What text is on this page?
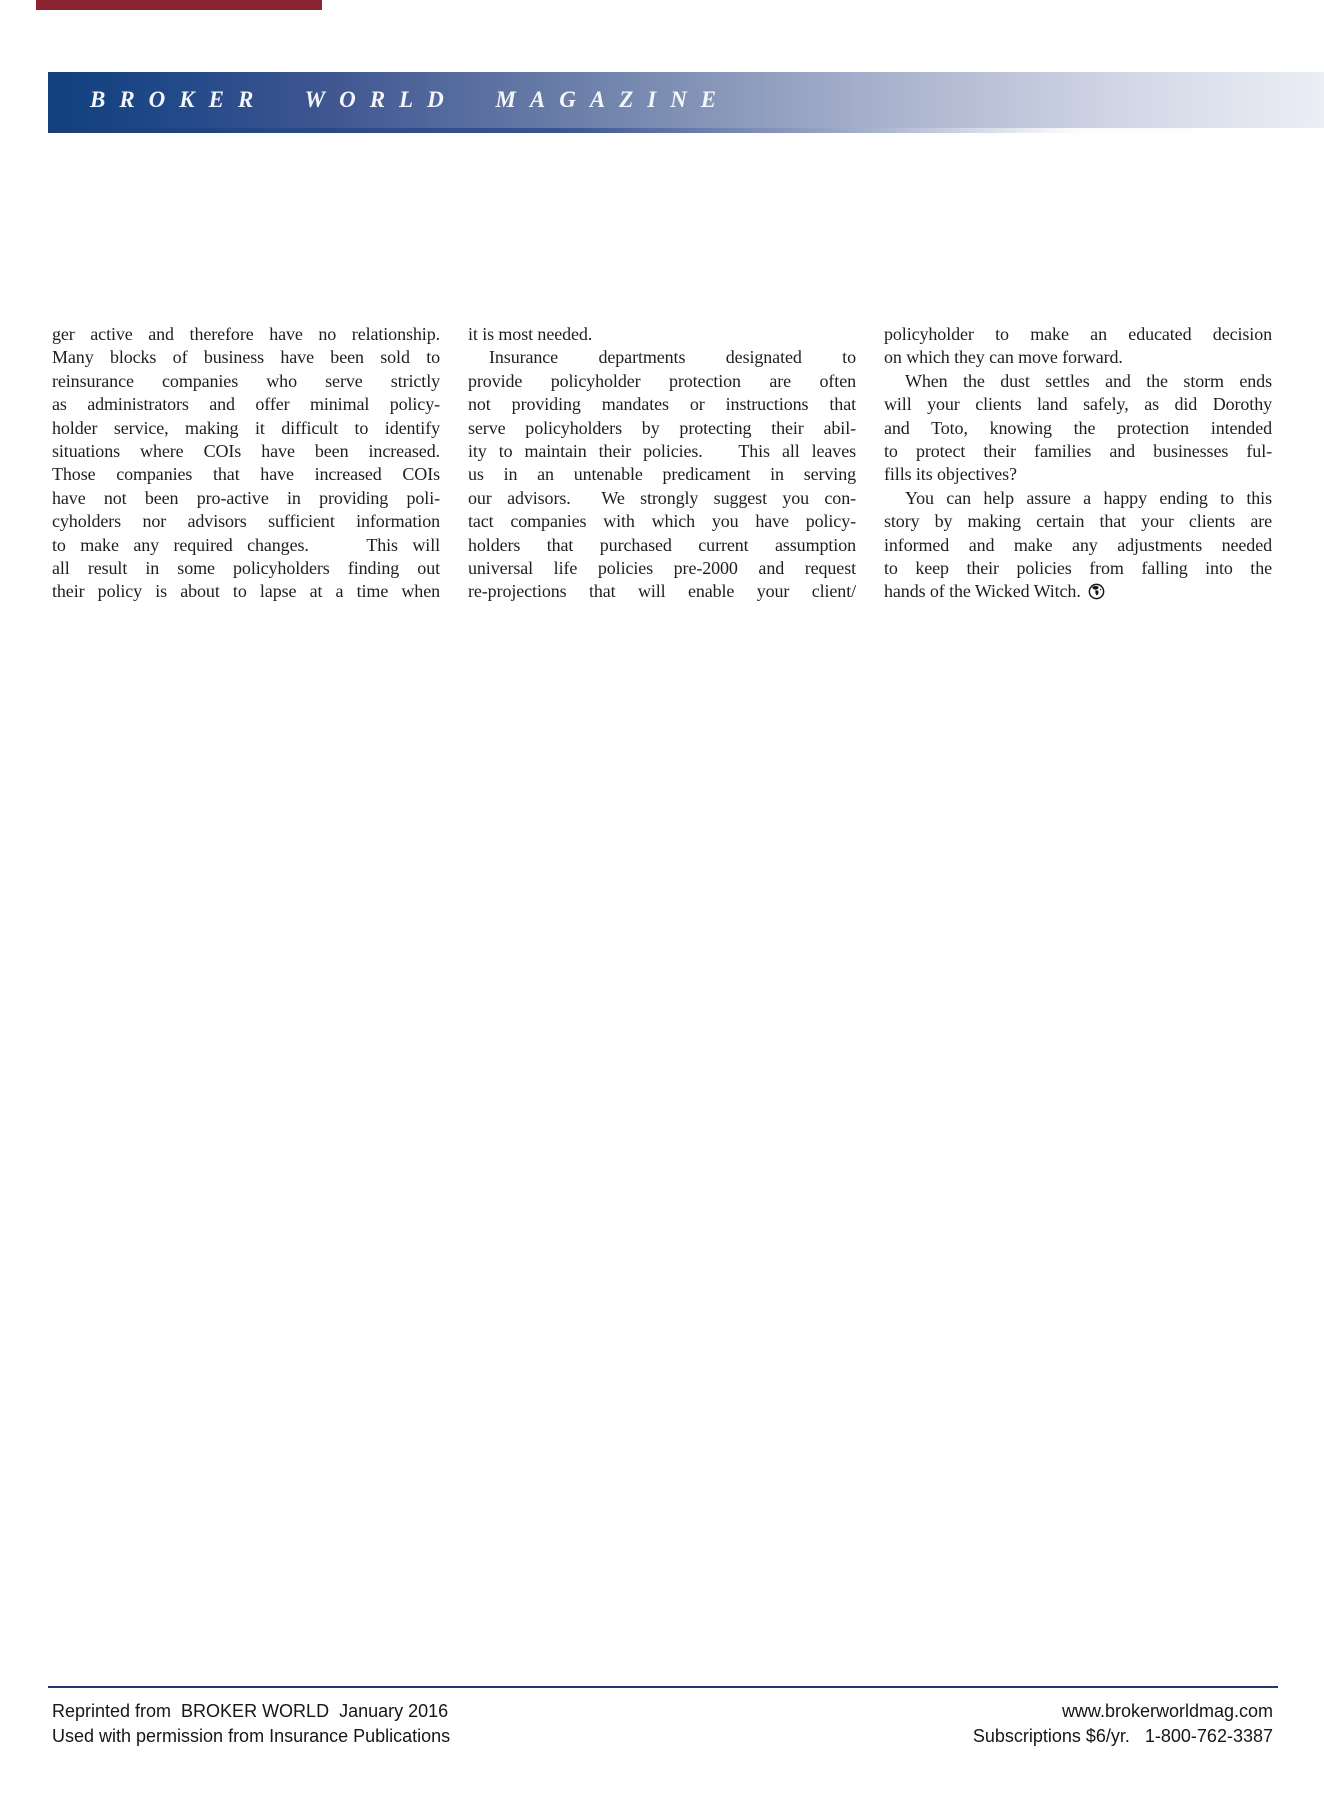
BROKER WORLD MAGAZINE
ger active and therefore have no relationship.
Many blocks of business have been sold to
reinsurance companies who serve strictly
as administrators and offer minimal policy-
holder service, making it difficult to identify
situations where COIs have been increased.
Those companies that have increased COIs
have not been pro-active in providing poli-
cyholders nor advisors sufficient information
to make any required changes.    This will
all result in some policyholders finding out
their policy is about to lapse at a time when
it is most needed.
Insurance departments designated to
provide policyholder protection are often
not providing mandates or instructions that
serve policyholders by protecting their abil-
ity to maintain their policies.   This all leaves
us in an untenable predicament in serving
our advisors.  We strongly suggest you con-
tact companies with which you have policy-
holders that purchased current assumption
universal life policies pre-2000 and request
re-projections that will enable your client/
policyholder to make an educated decision
on which they can move forward.
When the dust settles and the storm ends
will your clients land safely, as did Dorothy
and Toto, knowing the protection intended
to protect their families and businesses ful-
fills its objectives?
You can help assure a happy ending to this
story by making certain that your clients are
informed and make any adjustments needed
to keep their policies from falling into the
hands of the Wicked Witch.
Reprinted from  BROKER WORLD  January 2016
Used with permission from Insurance Publications
www.brokerworldmag.com
Subscriptions $6/yr.   1-800-762-3387
